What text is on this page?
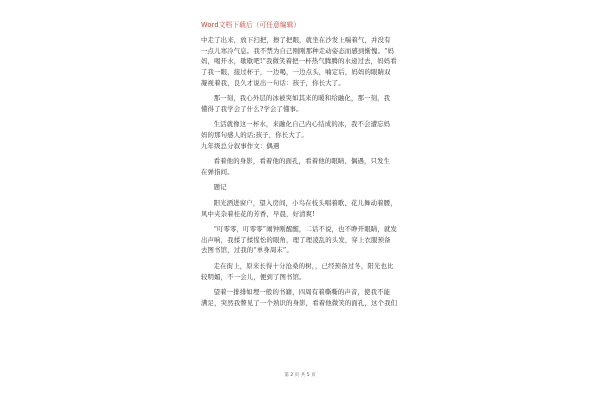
Word文档下载后（可任意编辑）
中走了出来，放下扫把，擦了把眼，就坐在沙发上喘着气，并没有
一点儿寒冷气息。我不禁为自己刚刚那种走动姿态而感到惭愧。“妈
妈，喝开水，歇歇吧!”我微笑着把一杯热气腾腾的水递过去，妈妈看
了我一眼，接过杯子，一边喝，一边点头，喃定后，妈妈的眼睛双
凝视着我，良久才说出一句话：孩子，你长大了。
那一刻，我心外层的冰被突如其来的暖和给融化，那一刻，我
懂得了我学会了什么?学会了懂事。
生活就像这一杯水，来融化自己内心结成的冰，我不会遭忘妈
妈的那句感人的话;孩子，你长大了。
九年级总分叙事作文：偶遇
看着他的身影，看着他的面孔，看着他的眼睛、偶遇，只发生
在弹指间。
题记
阳光洒进窗户，望入房间，小鸟在枝头唱着歌、花儿舞动着腰，
风中夹杂着桂花的芳香，早晨，好清爽!
“叮零零，叮零零”闹钟刚醒醒，二话不说，也不睁开眼睛，就发
出声响，我揉了揉惺忪的眼角，理了理凌乱的头发，穿上衣服预备
去图书馆，过我的“单身周末”。
走在街上，原来长得十分沧桑的树，，已经预备过冬，阳光也比
较明媚，不一会儿，便到了图书馆。
望着一排排如埋一般的书籍，四周有着嘶嘶的声音，使我不能
满足，突然我瞥见了一个熟识的身影，看着他微笑的面孔，这个我们
第 2 页 共 5 页
